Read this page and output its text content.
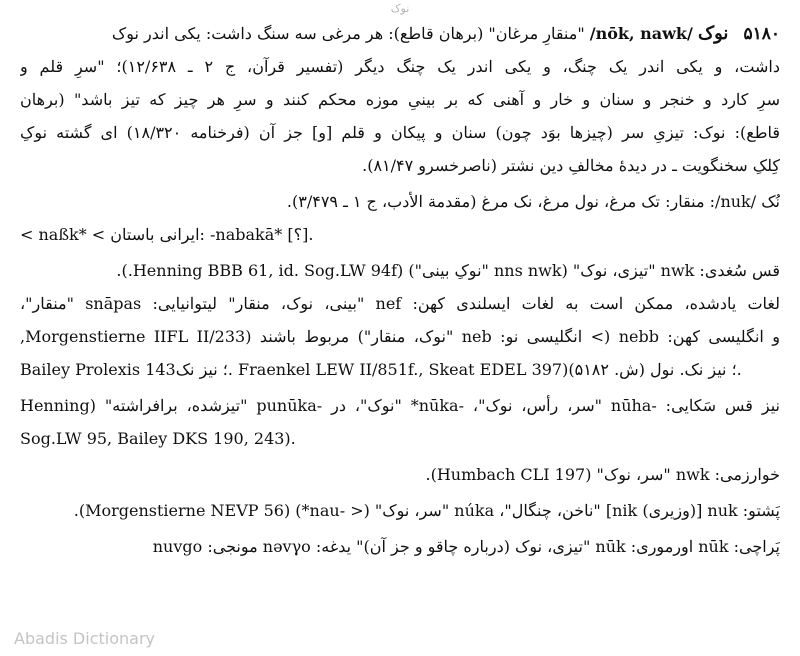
نوک
۵۱۸۰ نوک /nōk, nawk/ "منقارِ مرغان" (برهان قاطع): هر مرغی سه سنگ داشت: یکی اندر نوک
داشت، و یکی اندر یک چنگ، و یکی اندر یک چنگ دیگر (تفسیر قرآن، ج ۲ ـ ۱۲/۶۳۸)؛ "سرِ قلم و
سرِ کارد و خنجر و سنان و خار و آهنی که بر بینیِ موزه محکم کنند و سرِ هر چیز که تیز باشد" (برهان
قاطع): نوک: تیزیِ سر (چیزها بوَد چون) سنان و پیکان و قلم [و] جز آن (فرخنامه ۱۸/۳۲۰) ای گشته نوکِ
کِلکِ سخنگویت ـ در دیدهٔ مخالفِ دین نشتر (ناصرخسرو ۸۱/۴۷).
نُک /nuk/: منقار: تک مرغ، نول مرغ، نک مرغ (مقدمة الأدب، ج ۱ ـ ۳/۴۷۹).
< naßk* < ایرانی باستان: -nabakā* [؟].
قس سُغدی: nwk "تیزی، نوک" (nns nwk "نوکِ بینی") (Henning BBB 61, id. Sog.LW 94f.).
لغات یادشده، ممکن است به لغات ایسلندی کهن: nef "بینی، نوک، منقار" لیتوانیایی: snāpas "منقار"،
و انگلیسی کهن: nebb (> انگلیسی نو: neb "نوک، منقار") مربوط باشند (Morgenstierne IIFL II/233,
Bailey Prolexis 143؛ نیز نک. Fraenkel LEW II/851f., Skeat EDEL 397)؛ نیز نک. نول (ش. ۵۱۸۲).
نیز قس سَکایی: -nūha "سر، رأس، نوک"، -nūka* "نوک"، در -punūka "تیزشده، برافراشته" (Henning
Sog.LW 95, Bailey DKS 190, 243).
خوارزمی: nwk "سر، نوک" (Humbach CLI 197).
پَشتو: nuk [(وزیری) nik] "ناخن، چنگال"، núka "سر، نوک" (< -nau*) (Morgenstierne NEVP 56).
پَراچی: nūk اورموری: nūk "تیزی، نوک (درباره چاقو و جز آن)" یدغه: nəvγo مونجی: nuvgo
Abadis Dictionary
